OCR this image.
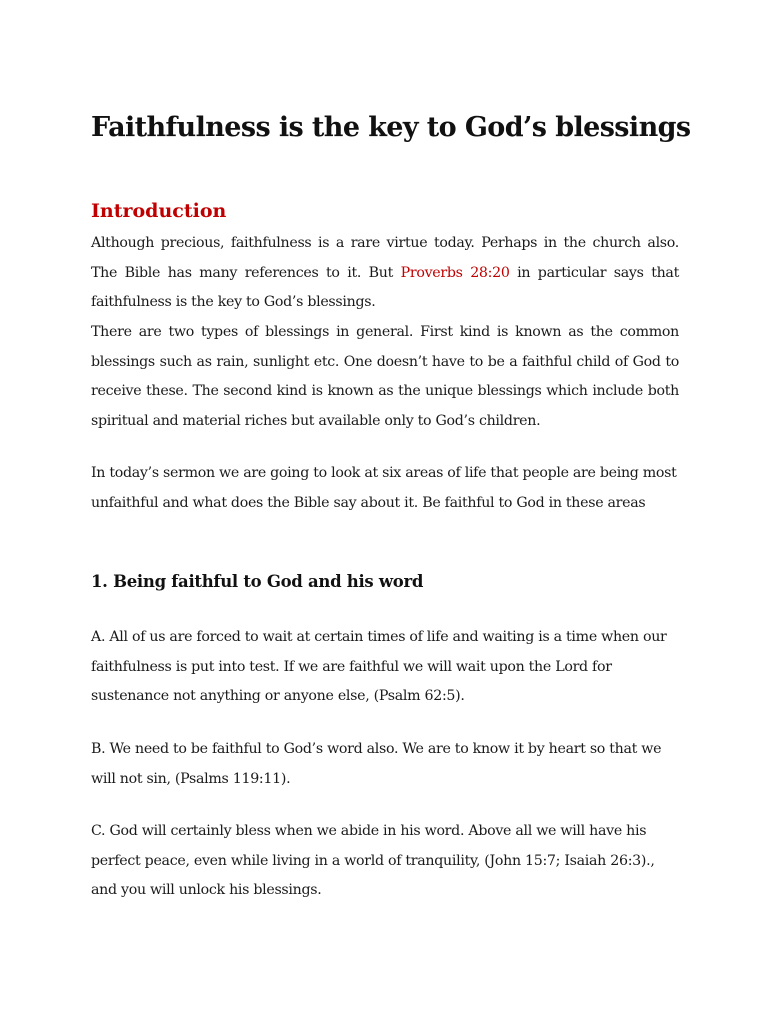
Faithfulness is the key to God’s blessings
Introduction

Although precious, faithfulness is a rare virtue today. Perhaps in the church also. The Bible has many references to it. But Proverbs 28:20 in particular says that faithfulness is the key to God’s blessings.

There are two types of blessings in general. First kind is known as the common blessings such as rain, sunlight etc. One doesn’t have to be a faithful child of God to receive these. The second kind is known as the unique blessings which include both spiritual and material riches but available only to God’s children.

In today’s sermon we are going to look at six areas of life that people are being most unfaithful and what does the Bible say about it. Be faithful to God in these areas

1. Being faithful to God and his word

A. All of us are forced to wait at certain times of life and waiting is a time when our faithfulness is put into test. If we are faithful we will wait upon the Lord for sustenance not anything or anyone else, (Psalm 62:5).

B. We need to be faithful to God’s word also. We are to know it by heart so that we will not sin, (Psalms 119:11).

C. God will certainly bless when we abide in his word. Above all we will have his perfect peace, even while living in a world of tranquility, (John 15:7; Isaiah 26:3)., and you will unlock his blessings.
